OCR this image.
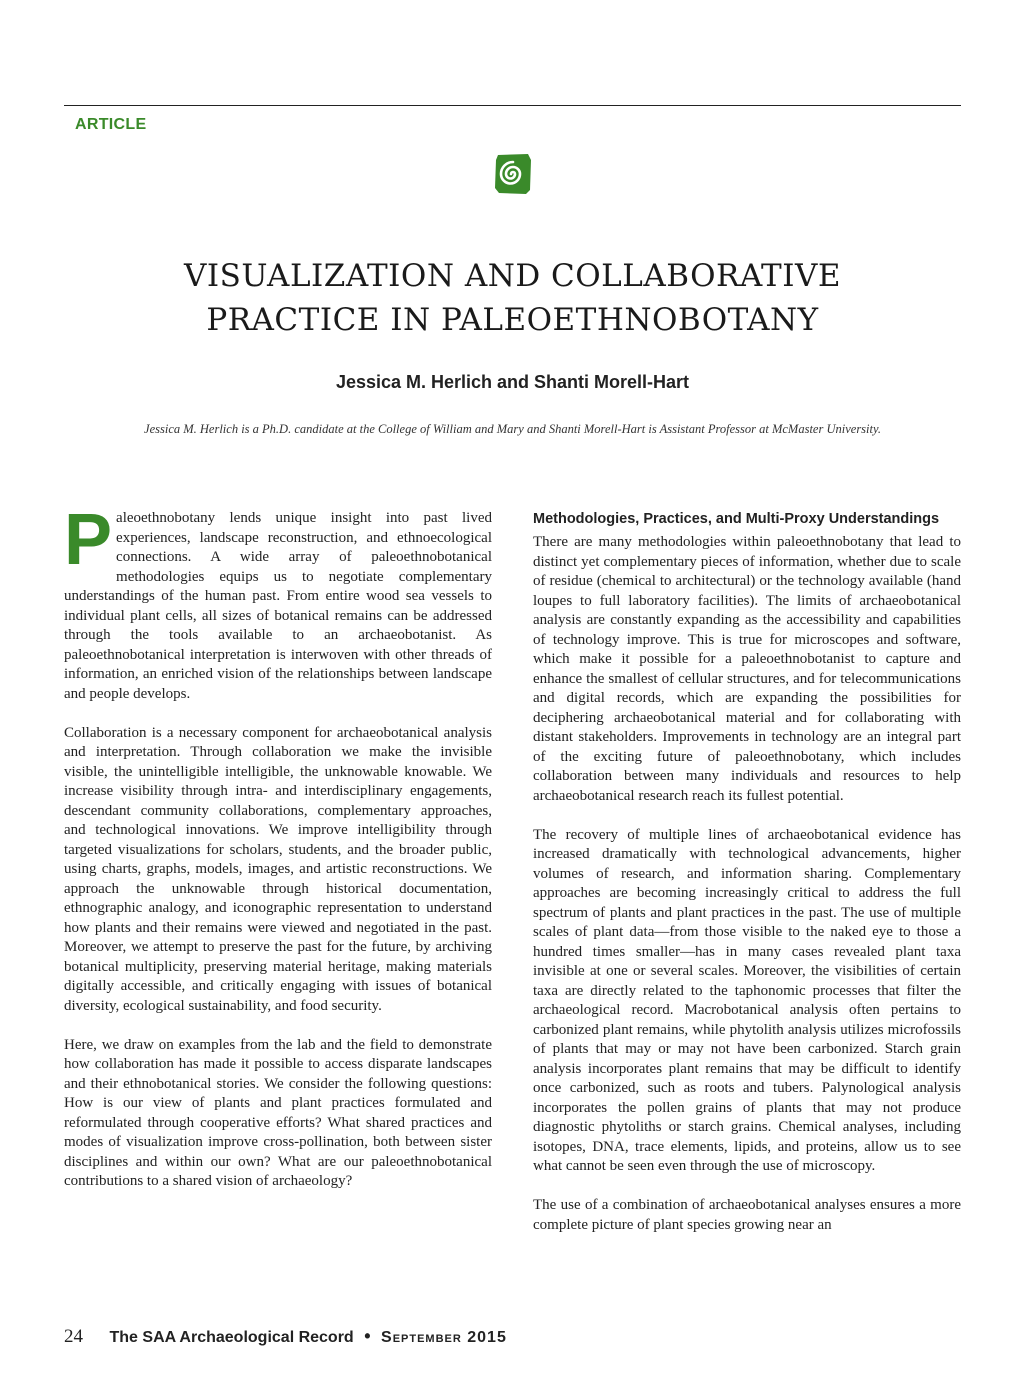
ARTICLE
VISUALIZATION AND COLLABORATIVE
PRACTICE IN PALEOETHNOBOTANY
Jessica M. Herlich and Shanti Morell-Hart
Jessica M. Herlich is a Ph.D. candidate at the College of William and Mary and Shanti Morell-Hart is Assistant Professor at McMaster University.

Paleoethnobotany lends unique insight into past lived experiences, landscape reconstruction, and ethnoecological connections. A wide array of paleoethnobotanical methodologies equips us to negotiate complementary understandings of the human past. From entire wood sea vessels to individual plant cells, all sizes of botanical remains can be addressed through the tools available to an archaeobotanist. As paleoethnobotanical interpretation is interwoven with other threads of information, an enriched vision of the relationships between landscape and people develops.

Collaboration is a necessary component for archaeobotanical analysis and interpretation. Through collaboration we make the invisible visible, the unintelligible intelligible, the unknowable knowable. We increase visibility through intra- and interdisciplinary engagements, descendant community collaborations, complementary approaches, and technological innovations. We improve intelligibility through targeted visualizations for scholars, students, and the broader public, using charts, graphs, models, images, and artistic reconstructions. We approach the unknowable through historical documentation, ethnographic analogy, and iconographic representation to understand how plants and their remains were viewed and negotiated in the past. Moreover, we attempt to preserve the past for the future, by archiving botanical multiplicity, preserving material heritage, making materials digitally accessible, and critically engaging with issues of botanical diversity, ecological sustainability, and food security.

Here, we draw on examples from the lab and the field to demonstrate how collaboration has made it possible to access disparate landscapes and their ethnobotanical stories. We consider the following questions: How is our view of plants and plant practices formulated and reformulated through cooperative efforts? What shared practices and modes of visualization improve cross-pollination, both between sister disciplines and within our own? What are our paleoethnobotanical contributions to a shared vision of archaeology?

Methodologies, Practices, and Multi-Proxy Understandings

There are many methodologies within paleoethnobotany that lead to distinct yet complementary pieces of information, whether due to scale of residue (chemical to architectural) or the technology available (hand loupes to full laboratory facilities). The limits of archaeobotanical analysis are constantly expanding as the accessibility and capabilities of technology improve. This is true for microscopes and software, which make it possible for a paleoethnobotanist to capture and enhance the smallest of cellular structures, and for telecommunications and digital records, which are expanding the possibilities for deciphering archaeobotanical material and for collaborating with distant stakeholders. Improvements in technology are an integral part of the exciting future of paleoethnobotany, which includes collaboration between many individuals and resources to help archaeobotanical research reach its fullest potential.

The recovery of multiple lines of archaeobotanical evidence has increased dramatically with technological advancements, higher volumes of research, and information sharing. Complementary approaches are becoming increasingly critical to address the full spectrum of plants and plant practices in the past. The use of multiple scales of plant data—from those visible to the naked eye to those a hundred times smaller—has in many cases revealed plant taxa invisible at one or several scales. Moreover, the visibilities of certain taxa are directly related to the taphonomic processes that filter the archaeological record. Macrobotanical analysis often pertains to carbonized plant remains, while phytolith analysis utilizes microfossils of plants that may or may not have been carbonized. Starch grain analysis incorporates plant remains that may be difficult to identify once carbonized, such as roots and tubers. Palynological analysis incorporates the pollen grains of plants that may not produce diagnostic phytoliths or starch grains. Chemical analyses, including isotopes, DNA, trace elements, lipids, and proteins, allow us to see what cannot be seen even through the use of microscopy.

The use of a combination of archaeobotanical analyses ensures a more complete picture of plant species growing near an

24 The SAA Archaeological Record • September 2015
